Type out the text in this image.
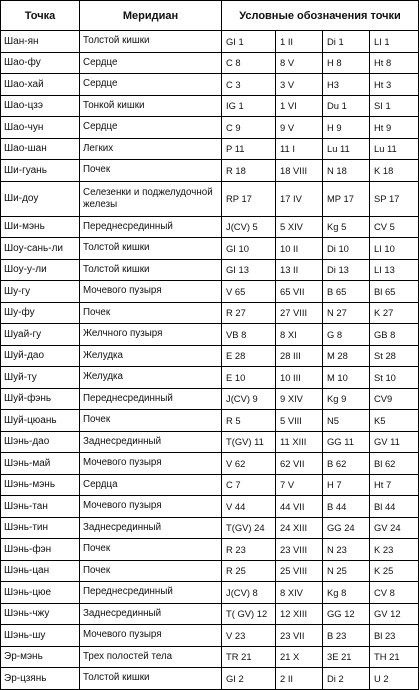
Точка	Меридиан	Условные обозначения точки			
Шан-ян	Толстой кишки	GI 1	1 II	Di 1	LI 1
Шао-фу	Сердце	C 8	8 V	H 8	Ht 8
Шао-хай	Сердце	C 3	3 V	H3	Ht 3
Шао-цзэ	Тонкой кишки	IG 1	1 VI	Du 1	SI 1
Шао-чун	Сердце	C 9	9 V	H 9	Ht 9
Шао-шан	Легких	P 11	11 I	Lu 11	Lu 11
Ши-гуань	Почек	R 18	18 VIII	N 18	K 18
Ши-доу	Селезенки и поджелудочной железы	RP 17	17 IV	MP 17	SP 17
Ши-мэнь	Переднесрединный	J(CV) 5	5 XIV	Kg 5	CV 5
Шоу-сань-ли	Толстой кишки	GI 10	10 II	Di 10	LI 10
Шоу-у-ли	Толстой кишки	GI 13	13 II	Di 13	LI 13
Шу-гу	Мочевого пузыря	V 65	65 VII	B 65	Bl 65
Шу-фу	Почек	R 27	27 VIII	N 27	K 27
Шуай-гу	Желчного пузыря	VB 8	8 XI	G 8	GB 8
Шуй-дао	Желудка	E 28	28 III	M 28	St 28
Шуй-ту	Желудка	E 10	10 III	M 10	St 10
Шуй-фэнь	Переднесрединный	J(CV) 9	9 XIV	Kg 9	CV9
Шуй-цюань	Почек	R 5	5 VIII	N5	K5
Шэнь-дао	Заднесрединный	T(GV) 11	11 XIII	GG 11	GV 11
Шэнь-май	Мочевого пузыря	V 62	62 VII	B 62	Bl 62
Шэнь-мэнь	Сердца	C 7	7 V	H 7	Ht 7
Шэнь-тан	Мочевого пузыря	V 44	44 VII	B 44	Bl 44
Шэнь-тин	Заднесрединный	T(GV) 24	24 XIII	GG 24	GV 24
Шэнь-фэн	Почек	R 23	23 VIII	N 23	K 23
Шэнь-цан	Почек	R 25	25 VIII	N 25	K 25
Шэнь-цюе	Переднесрединный	J(CV) 8	8 XIV	Kg 8	CV 8
Шэнь-чжу	Заднесрединный	T( GV) 12	12 XIII	GG 12	GV 12
Шэнь-шу	Мочевого пузыря	V 23	23 VII	B 23	Bl 23
Эр-мэнь	Трех полостей тела	TR 21	21 X	3E 21	TH 21
Эр-цзянь	Толстой кишки	GI 2	2 II	Di 2	U 2
